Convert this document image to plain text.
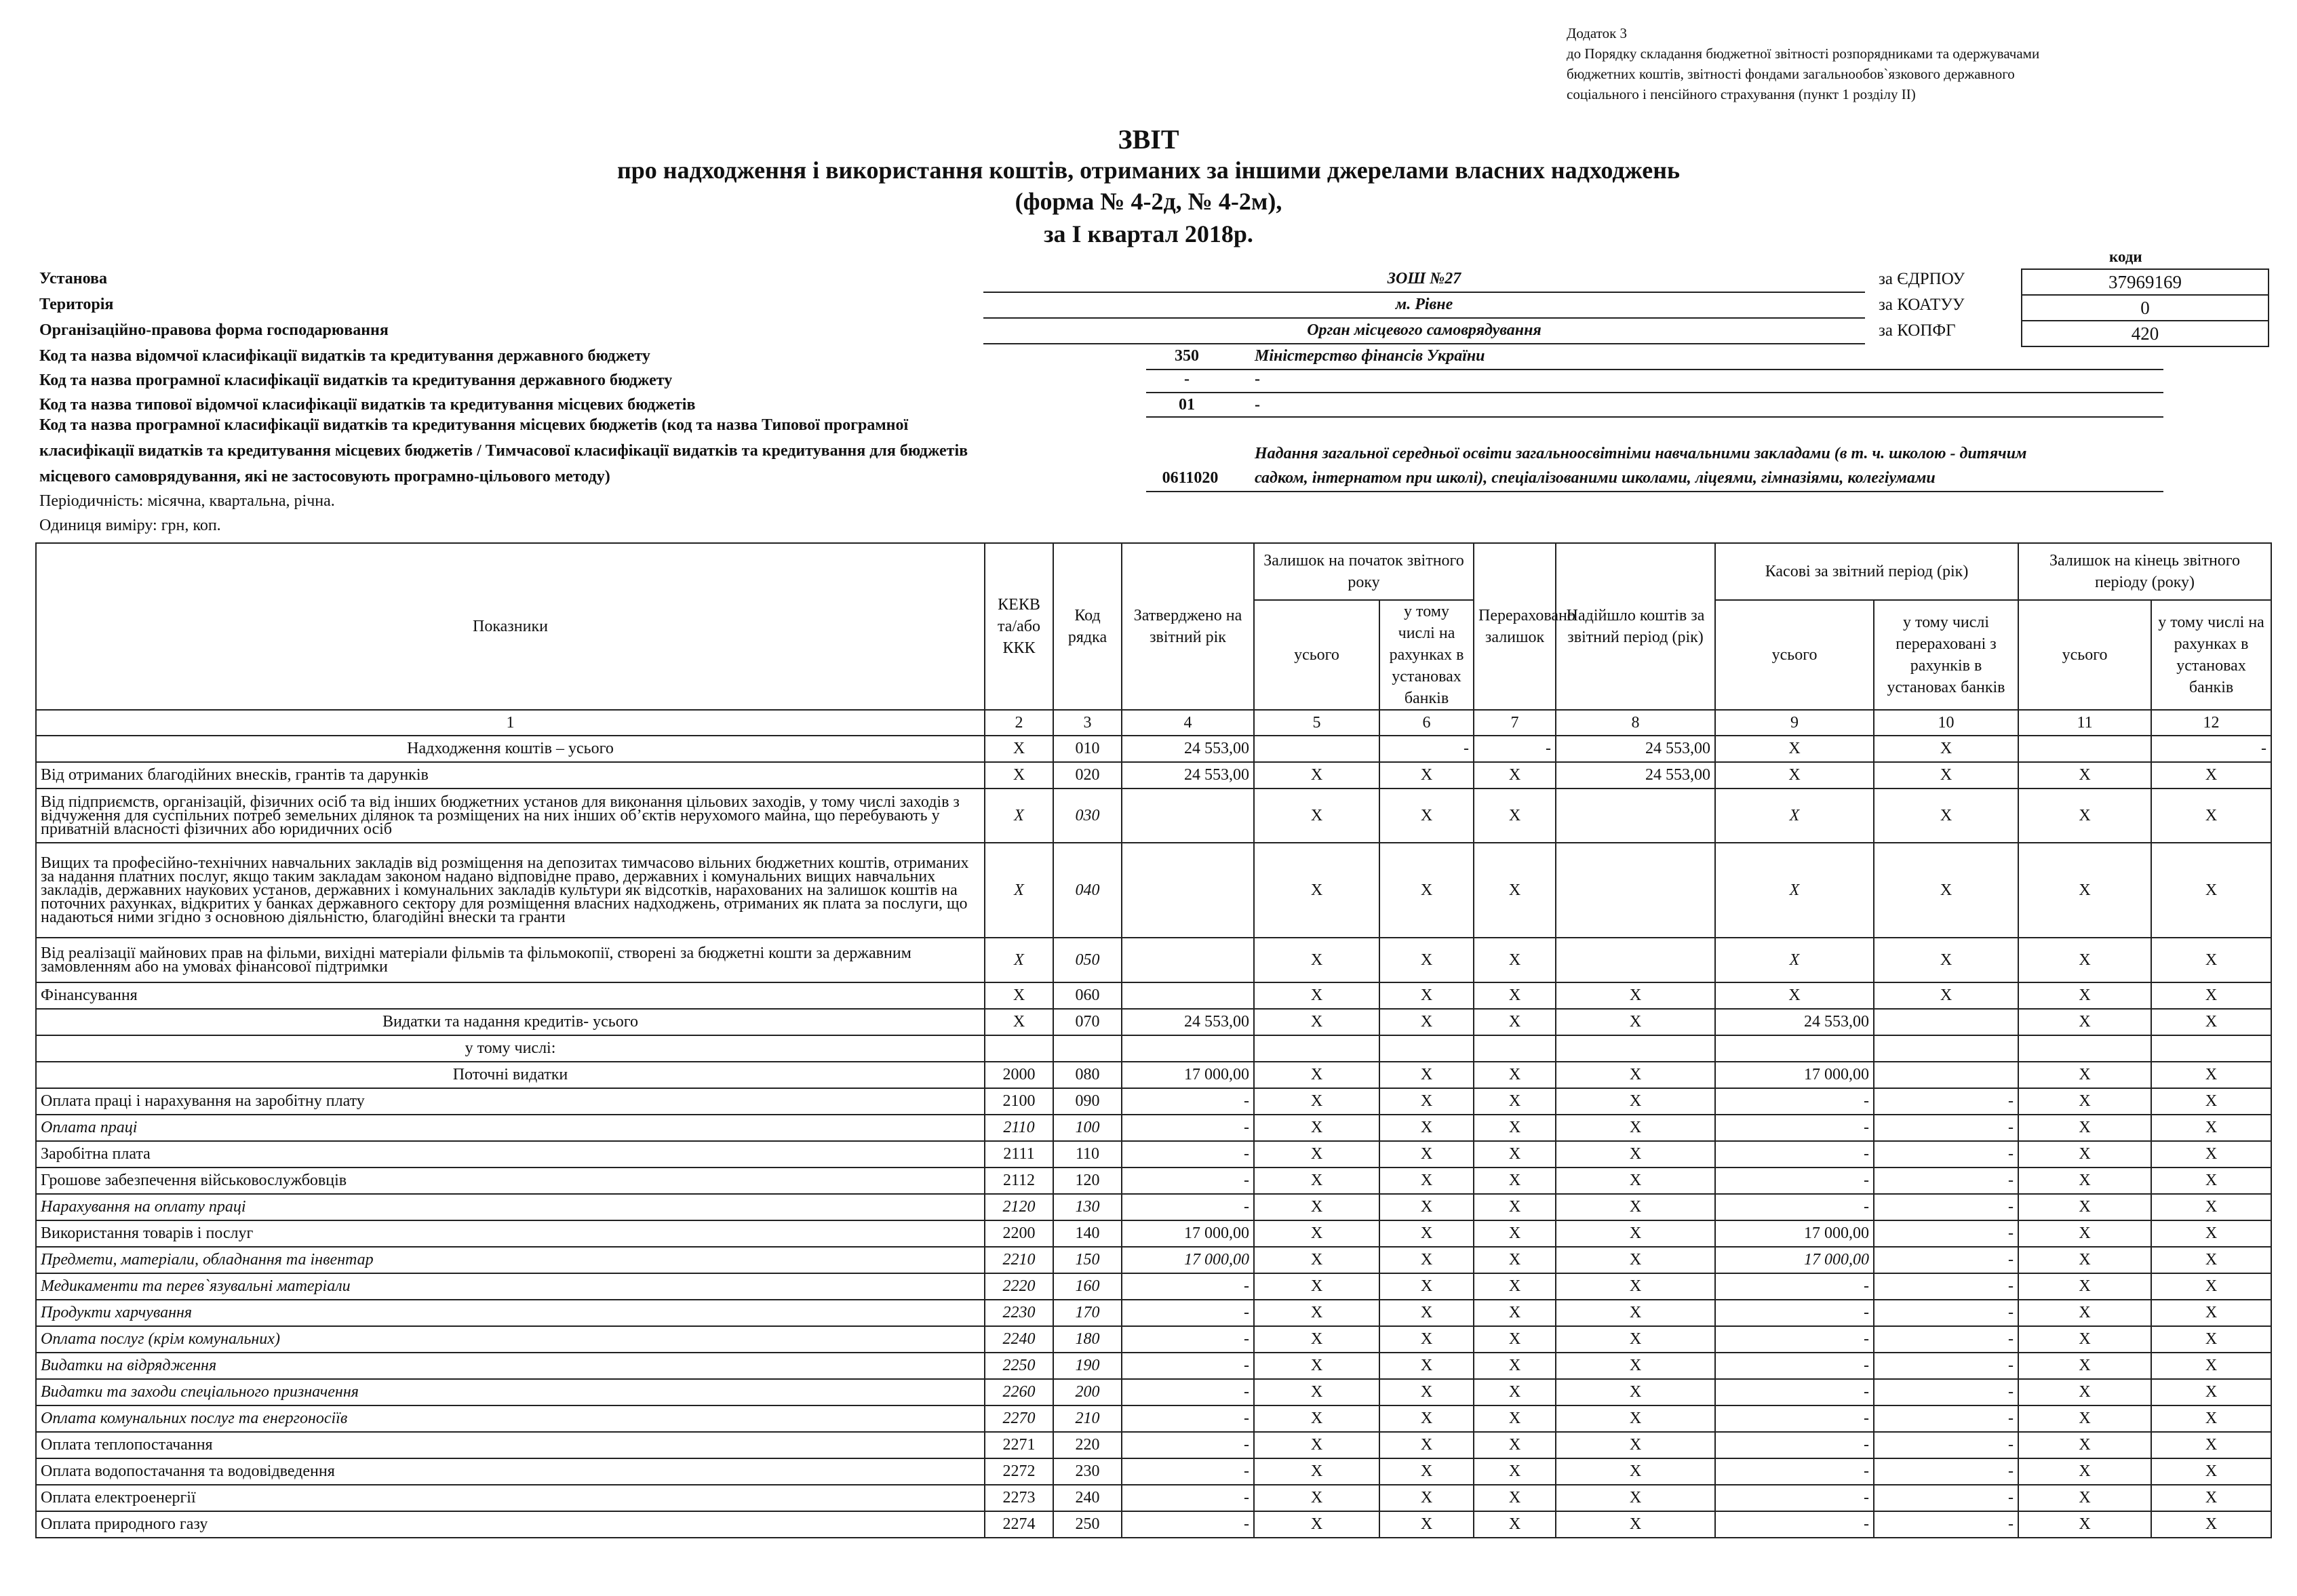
Додаток 3
до Порядку складання бюджетної звітності розпорядниками та одержувачами
бюджетних коштів, звітності фондами загальнообов`язкового державного
соціального і пенсійного страхування (пункт 1 розділу II)
ЗВІТ
про надходження і використання коштів, отриманих за іншими джерелами власних надходжень
(форма № 4-2д, № 4-2м),
за I квартал 2018р.
коди
за ЄДРПОУ	37969169
за КОАТУУ	0
за КОПФГ	420
Установа	ЗОШ №27
Територія	м. Рівне
Організаційно-правова форма господарювання	Орган місцевого самоврядування
Код та назва відомчої класифікації видатків та кредитування державного бюджету	350	Міністерство фінансів України
Код та назва програмної класифікації видатків та кредитування державного бюджету	-	-
Код та назва типової відомчої класифікації видатків та кредитування місцевих бюджетів	01	-
Код та назва програмної класифікації видатків та кредитування місцевих бюджетів (код та назва Типової програмної
класифікації видатків та кредитування місцевих бюджетів / Тимчасової класифікації видатків та кредитування для бюджетів
місцевого самоврядування, які не застосовують програмно-цільового методу)	0611020
Надання загальної середньої освіти загальноосвітніми навчальними закладами (в т. ч. школою - дитячим
садком, інтернатом при школі), спеціалізованими школами, ліцеями, гімназіями, колегіумами
Періодичність: місячна, квартальна, річна.
Одиниця виміру: грн, коп.
Показники	КЕКВ та/або ККК	Код рядка	Затверджено на звітний рік	Залишок на початок звітного року		Перераховано залишок	Надійшло коштів за звітний період (рік)	Касові за звітний період (рік)		Залишок на кінець звітного періоду (року)	
				усього	у тому числі на рахунках в установах банків			усього	у тому числі перераховані з рахунків в установах банків	усього	у тому числі на рахунках в установах банків
1	2	3	4	5	6	7	8	9	10	11	12
Надходження коштів – усього	X	010	24 553,00		-	-	24 553,00	X	X		-
Від отриманих благодійних внесків, грантів та дарунків	X	020	24 553,00	X	X	X	24 553,00	X	X	X	X
Від підприємств, організацій, фізичних осіб та від інших бюджетних установ для виконання цільових заходів, у тому числі заходів з відчуження для суспільних потреб земельних ділянок та розміщених на них інших об’єктів нерухомого майна, що перебувають у приватній власності фізичних або юридичних осіб	X	030		X	X	X		X	X	X	X
Вищих та професійно-технічних навчальних закладів від розміщення на депозитах тимчасово вільних бюджетних коштів, отриманих за надання платних послуг, якщо таким закладам законом надано відповідне право, державних і комунальних вищих навчальних закладів, державних наукових установ, державних і комунальних закладів культури як відсотків, нарахованих на залишок коштів на поточних рахунках, відкритих у банках державного сектору для розміщення власних надходжень, отриманих як плата за послуги, що надаються ними згідно з основною діяльністю, благодійні внески та гранти	X	040		X	X	X		X	X	X	X
Від реалізації майнових прав на фільми, вихідні матеріали фільмів та фільмокопії, створені за бюджетні кошти за державним замовленням або на умовах фінансової підтримки	X	050		X	X	X		X	X	X	X
Фінансування	X	060		X	X	X	X	X	X	X	X
Видатки та надання кредитів- усього	X	070	24 553,00	X	X	X	X	24 553,00		X	X
у тому числі:											
Поточні видатки	2000	080	17 000,00	X	X	X	X	17 000,00		X	X
Оплата праці і нарахування на заробітну плату	2100	090	-	X	X	X	X	-	-	X	X
Оплата праці	2110	100	-	X	X	X	X	-	-	X	X
Заробітна плата	2111	110	-	X	X	X	X	-	-	X	X
Грошове забезпечення військовослужбовців	2112	120	-	X	X	X	X	-	-	X	X
Нарахування на оплату праці	2120	130	-	X	X	X	X	-	-	X	X
Використання товарів і послуг	2200	140	17 000,00	X	X	X	X	17 000,00	-	X	X
Предмети, матеріали, обладнання та інвентар	2210	150	17 000,00	X	X	X	X	17 000,00	-	X	X
Медикаменти та перев`язувальні матеріали	2220	160	-	X	X	X	X	-	-	X	X
Продукти харчування	2230	170	-	X	X	X	X	-	-	X	X
Оплата послуг (крім комунальних)	2240	180	-	X	X	X	X	-	-	X	X
Видатки на відрядження	2250	190	-	X	X	X	X	-	-	X	X
Видатки та заходи спеціального призначення	2260	200	-	X	X	X	X	-	-	X	X
Оплата комунальних послуг та енергоносіїв	2270	210	-	X	X	X	X	-	-	X	X
Оплата теплопостачання	2271	220	-	X	X	X	X	-	-	X	X
Оплата водопостачання та водовідведення	2272	230	-	X	X	X	X	-	-	X	X
Оплата електроенергії	2273	240	-	X	X	X	X	-	-	X	X
Оплата природного газу	2274	250	-	X	X	X	X	-	-	X	X
